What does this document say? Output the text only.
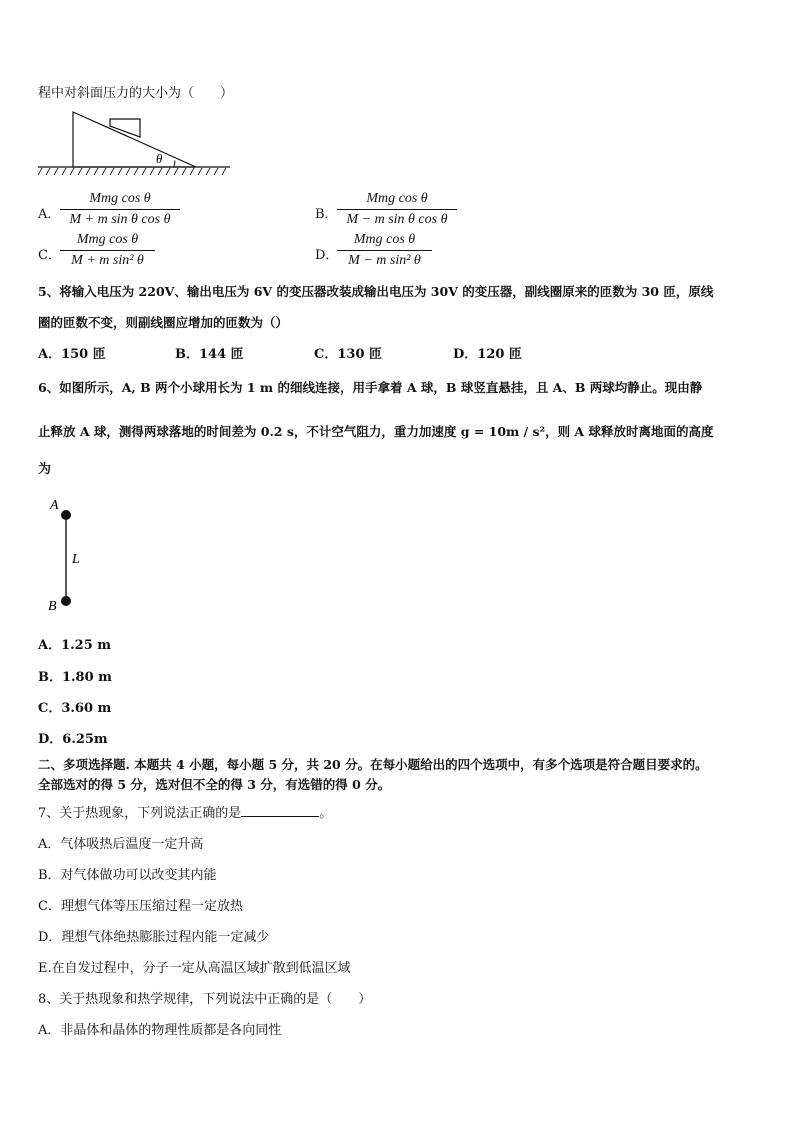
程中对斜面压力的大小为（　　）
θ
A．
Mmg cos θ
M + m sin θ cos θ	B．
Mmg cos θ
M − m sin θ cos θ
C．
Mmg cos θ
M + m sin² θ	D．
Mmg cos θ
M − m sin² θ
5、将输入电压为 220V、输出电压为 6V 的变压器改装成输出电压为 30V 的变压器，副线圈原来的匝数为 30 匝，原线
圈的匝数不变，则副线圈应增加的匝数为（）
A．150 匝	B．144 匝	C．130 匝	D．120 匝
6、如图所示，A, B 两个小球用长为 1 m 的细线连接，用手拿着 A 球，B 球竖直悬挂，且 A、B 两球均静止。现由静
止释放 A 球，测得两球落地的时间差为 0.2 s，不计空气阻力，重力加速度 g = 10m / s²，则 A 球释放时离地面的高度
为
A
B
L
A．1.25 m
B．1.80 m
C．3.60 m
D．6.25m
二、多项选择题. 本题共 4 小题，每小题 5 分，共 20 分。在每小题给出的四个选项中，有多个选项是符合题目要求的。
全部选对的得 5 分，选对但不全的得 3 分，有选错的得 0 分。
7、关于热现象，下列说法正确的是	。
A．气体吸热后温度一定升高
B．对气体做功可以改变其内能
C．理想气体等压压缩过程一定放热
D．理想气体绝热膨胀过程内能一定减少
E.在自发过程中，分子一定从高温区域扩散到低温区域
8、关于热现象和热学规律，下列说法中正确的是（　　）
A．非晶体和晶体的物理性质都是各向同性
